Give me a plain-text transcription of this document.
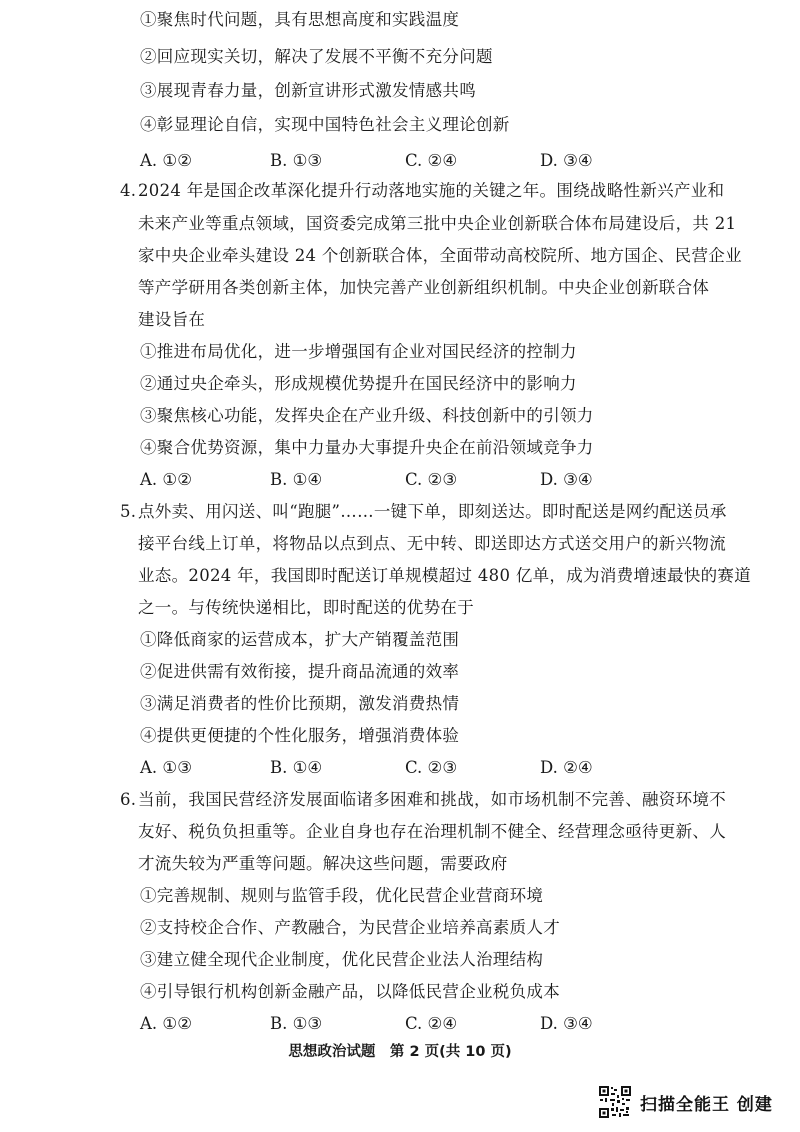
①聚焦时代问题，具有思想高度和实践温度
②回应现实关切，解决了发展不平衡不充分问题
③展现青春力量，创新宣讲形式激发情感共鸣
④彰显理论自信，实现中国特色社会主义理论创新
A. ①②	B. ①③	C. ②④	D. ③④
4. 2024 年是国企改革深化提升行动落地实施的关键之年。围绕战略性新兴产业和
未来产业等重点领域，国资委完成第三批中央企业创新联合体布局建设后，共 21
家中央企业牵头建设 24 个创新联合体，全面带动高校院所、地方国企、民营企业
等产学研用各类创新主体，加快完善产业创新组织机制。中央企业创新联合体
建设旨在
①推进布局优化，进一步增强国有企业对国民经济的控制力
②通过央企牵头，形成规模优势提升在国民经济中的影响力
③聚焦核心功能，发挥央企在产业升级、科技创新中的引领力
④聚合优势资源，集中力量办大事提升央企在前沿领域竞争力
A. ①②	B. ①④	C. ②③	D. ③④
5. 点外卖、用闪送、叫“跑腿”……一键下单，即刻送达。即时配送是网约配送员承
接平台线上订单，将物品以点到点、无中转、即送即达方式送交用户的新兴物流
业态。2024 年，我国即时配送订单规模超过 480 亿单，成为消费增速最快的赛道
之一。与传统快递相比，即时配送的优势在于
①降低商家的运营成本，扩大产销覆盖范围
②促进供需有效衔接，提升商品流通的效率
③满足消费者的性价比预期，激发消费热情
④提供更便捷的个性化服务，增强消费体验
A. ①③	B. ①④	C. ②③	D. ②④
6. 当前，我国民营经济发展面临诸多困难和挑战，如市场机制不完善、融资环境不
友好、税负负担重等。企业自身也存在治理机制不健全、经营理念亟待更新、人
才流失较为严重等问题。解决这些问题，需要政府
①完善规制、规则与监管手段，优化民营企业营商环境
②支持校企合作、产教融合，为民营企业培养高素质人才
③建立健全现代企业制度，优化民营企业法人治理结构
④引导银行机构创新金融产品，以降低民营企业税负成本
A. ①②	B. ①③	C. ②④	D. ③④
思想政治试题　第 2 页(共 10 页)
扫描全能王 创建
